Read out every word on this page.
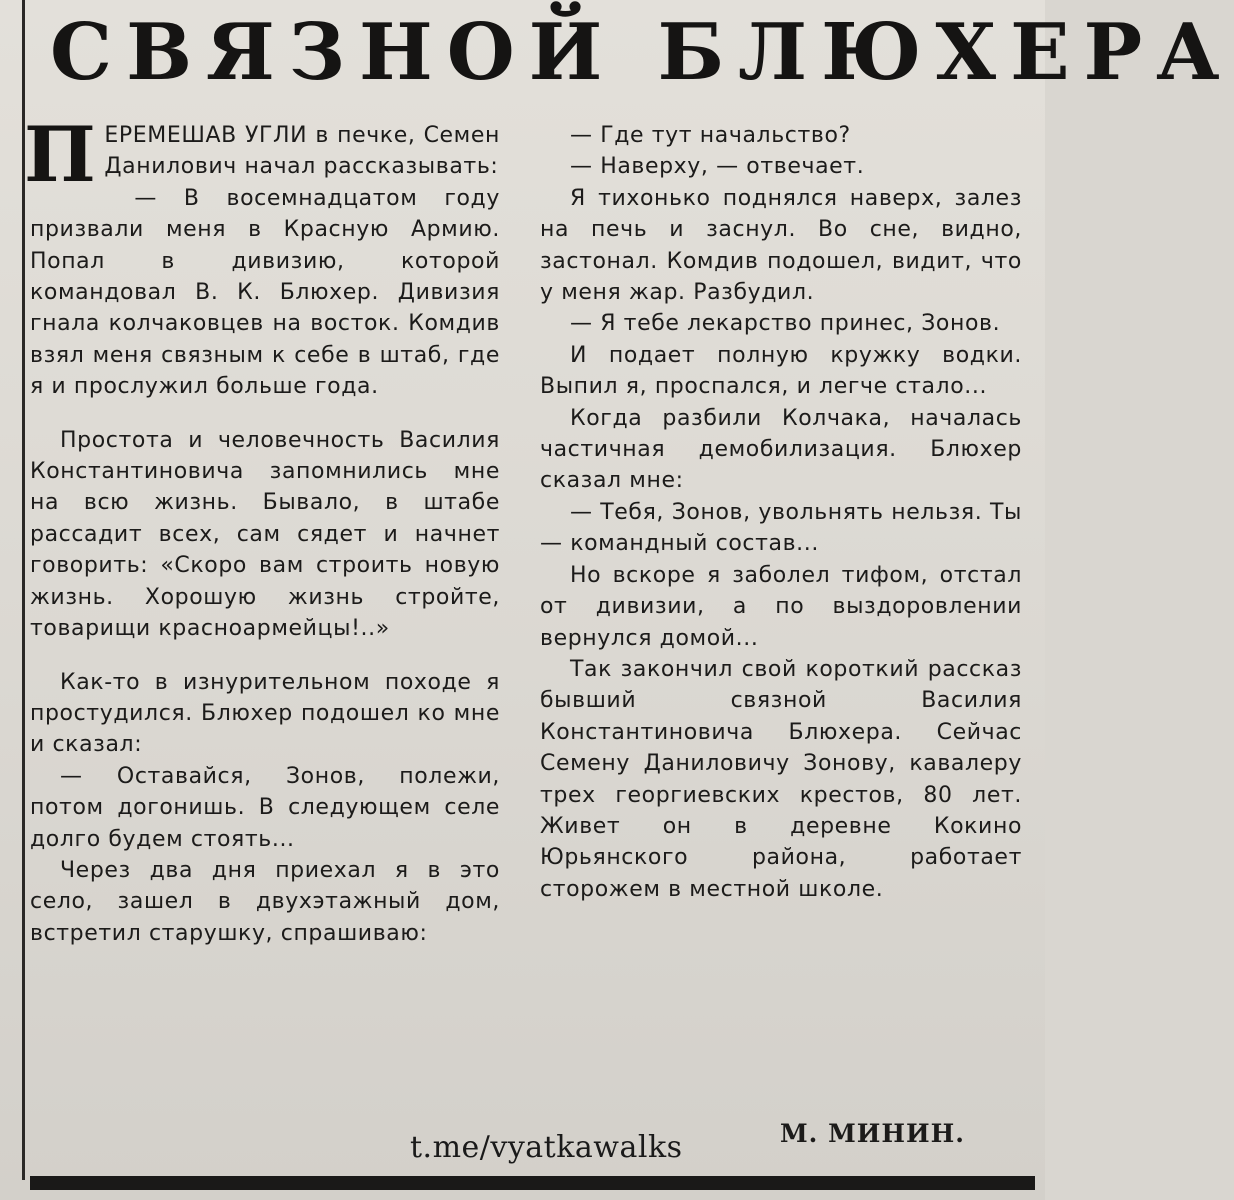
СВЯЗНОЙ БЛЮХЕРА

ПЕРЕМЕШАВ УГЛИ в печке, Семен Данилович начал рассказывать:

— В восемнадцатом году призвали меня в Красную Армию. Попал в дивизию, которой командовал В. К. Блюхер. Дивизия гнала колчаковцев на восток. Комдив взял меня связным к себе в штаб, где я и прослужил больше года.

Простота и человечность Василия Константиновича запомнились мне на всю жизнь. Бывало, в штабе рассадит всех, сам сядет и начнет говорить: «Скоро вам строить новую жизнь. Хорошую жизнь стройте, товарищи красноармейцы!..»

Как-то в изнурительном походе я простудился. Блюхер подошел ко мне и сказал:

— Оставайся, Зонов, полежи, потом догонишь. В следующем селе долго будем стоять...

Через два дня приехал я в это село, зашел в двухэтажный дом, встретил старушку, спрашиваю:

— Где тут начальство?

— Наверху, — отвечает.

Я тихонько поднялся наверх, залез на печь и заснул. Во сне, видно, застонал. Комдив подошел, видит, что у меня жар. Разбудил.

— Я тебе лекарство принес, Зонов.

И подает полную кружку водки. Выпил я, проспался, и легче стало...

Когда разбили Колчака, началась частичная демобилизация. Блюхер сказал мне:

— Тебя, Зонов, увольнять нельзя. Ты — командный состав...

Но вскоре я заболел тифом, отстал от дивизии, а по выздоровлении вернулся домой...

Так закончил свой короткий рассказ бывший связной Василия Константиновича Блюхера. Сейчас Семену Даниловичу Зонову, кавалеру трех георгиевских крестов, 80 лет. Живет он в деревне Кокино Юрьянского района, работает сторожем в местной школе.

t.me/vyatkawalks	М. МИНИН.
